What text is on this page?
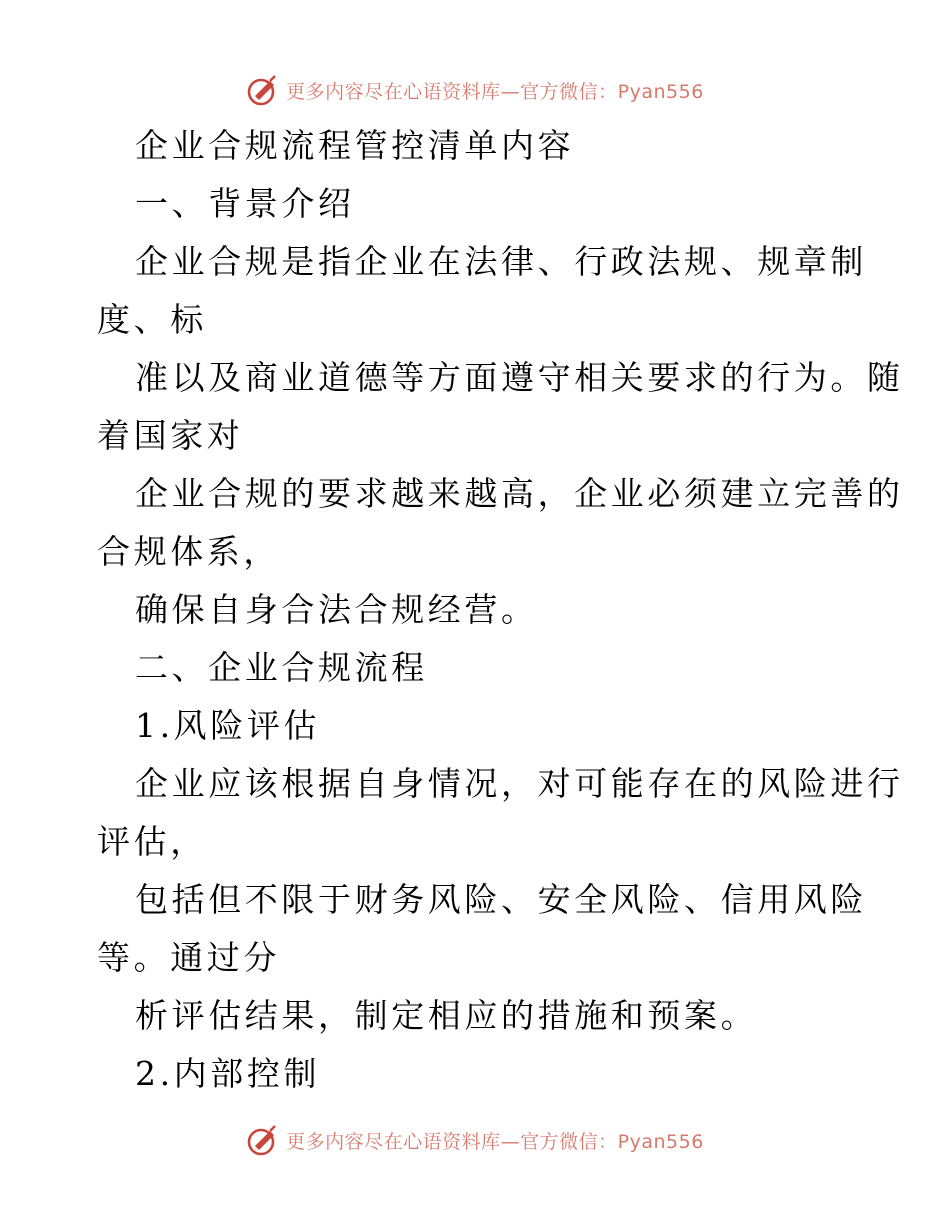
更多内容尽在心语资料库—官方微信：Pyan556
企业合规流程管控清单内容
一、背景介绍
企业合规是指企业在法律、行政法规、规章制
度、标
准以及商业道德等方面遵守相关要求的行为。随
着国家对
企业合规的要求越来越高，企业必须建立完善的
合规体系，
确保自身合法合规经营。
二、企业合规流程
1.风险评估
企业应该根据自身情况，对可能存在的风险进行
评估，
包括但不限于财务风险、安全风险、信用风险
等。通过分
析评估结果，制定相应的措施和预案。
2.内部控制
更多内容尽在心语资料库—官方微信：Pyan556
